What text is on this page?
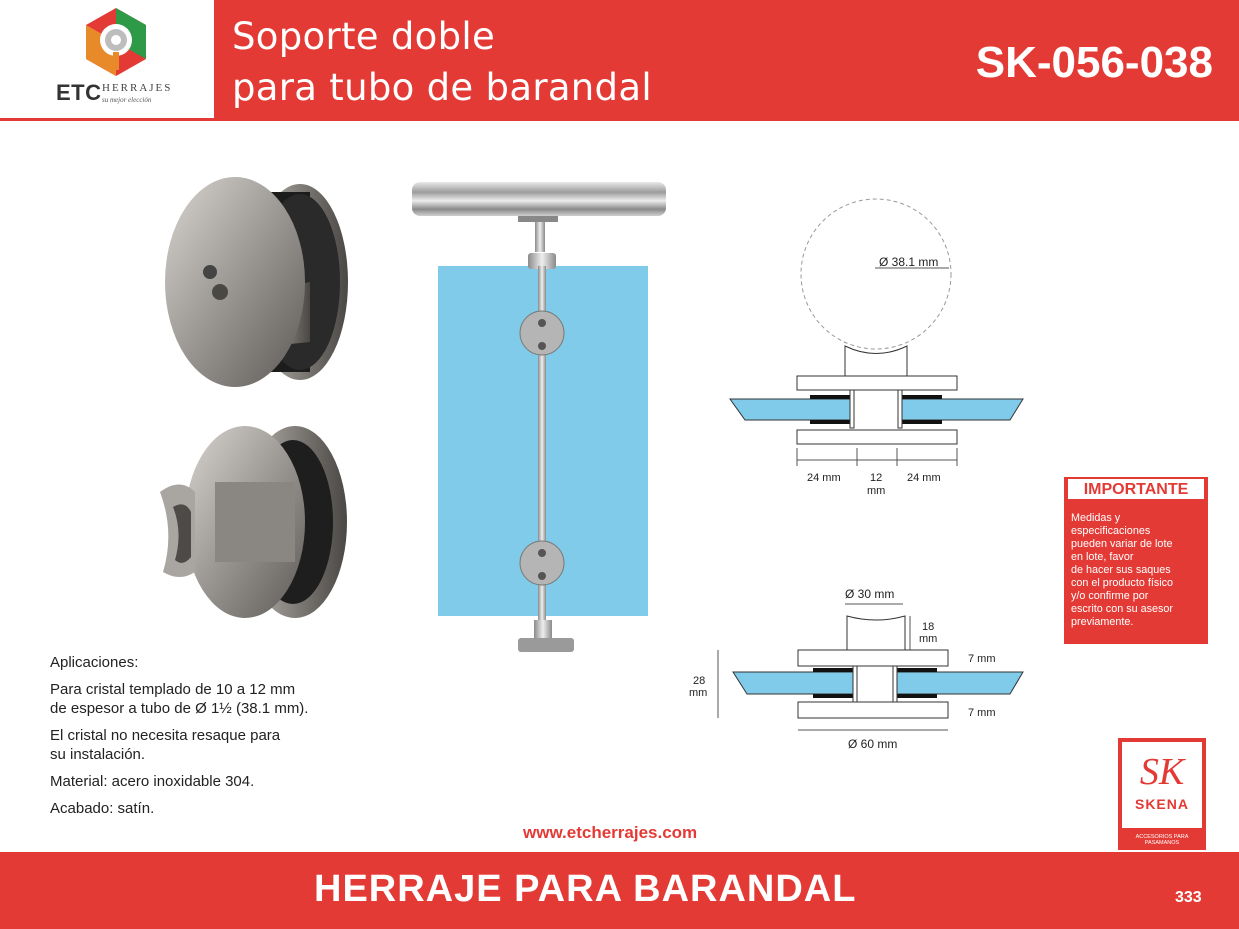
ETC HERRAJES
su mejor elección
Soporte doble
para tubo de barandal
SK-056-038
Ø 38.1 mm
24 mm	12
mm
24 mm
Ø 30 mm
18
mm
7 mm
7 mm
28
mm
Ø 60 mm

Aplicaciones:

Para cristal templado de 10 a 12 mm

de espesor a tubo de Ø 1½ (38.1 mm).

El cristal no necesita resaque para

su instalación.

Material: acero inoxidable 304.

Acabado: satín.

IMPORTANTE
Medidas y
especificaciones
pueden variar de lote
en lote, favor
de hacer sus saques
con el producto físico
y/o confirme por
escrito con su asesor
previamente.
SK
SKENA
ACCESORIOS PARA PASAMANOS
www.etcherrajes.com
HERRAJE PARA BARANDAL	333
